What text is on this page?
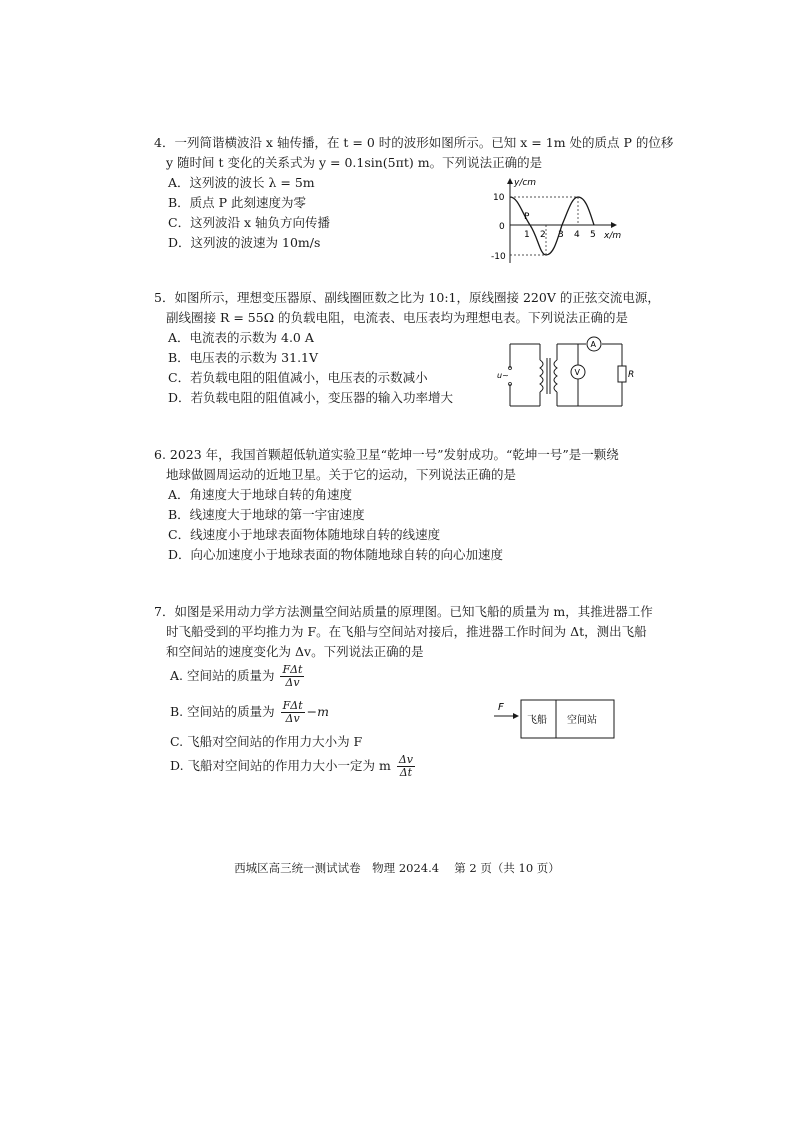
4．一列简谐横波沿 x 轴传播，在 t = 0 时的波形如图所示。已知 x = 1m 处的质点 P 的位移
y 随时间 t 变化的关系式为 y = 0.1sin(5πt) m。下列说法正确的是
A．这列波的波长 λ = 5m
B．质点 P 此刻速度为零
C．这列波沿 x 轴负方向传播
D．这列波的波速为 10m/s
y/cm
x/m
10
0
-10
1 2 3 4 5
P
5．如图所示，理想变压器原、副线圈匝数之比为 10:1，原线圈接 220V 的正弦交流电源，
副线圈接 R = 55Ω 的负载电阻，电流表、电压表均为理想电表。下列说法正确的是
A．电流表的示数为 4.0 A
B．电压表的示数为 31.1V
C．若负载电阻的阻值减小，电压表的示数减小
D．若负载电阻的阻值减小，变压器的输入功率增大
u~
A
V	R
6. 2023 年，我国首颗超低轨道实验卫星“乾坤一号”发射成功。“乾坤一号”是一颗绕
地球做圆周运动的近地卫星。关于它的运动，下列说法正确的是
A．角速度大于地球自转的角速度
B．线速度大于地球的第一宇宙速度
C．线速度小于地球表面物体随地球自转的线速度
D．向心加速度小于地球表面的物体随地球自转的向心加速度
7．如图是采用动力学方法测量空间站质量的原理图。已知飞船的质量为 m，其推进器工作
时飞船受到的平均推力为 F。在飞船与空间站对接后，推进器工作时间为 Δt，测出飞船
和空间站的速度变化为 Δv。下列说法正确的是
A. 空间站的质量为 $\frac{\text{FΔt}}{\Delta v}$
B. 空间站的质量为 $\frac{\text{FΔt}}{\Delta v} -m$
C. 飞船对空间站的作用力大小为 F
D. 飞船对空间站的作用力大小一定为 m $\frac{\Delta v}{\Delta t}$
F
飞船 空间站
西城区高三统一测试试卷　物理 2024.4　 第 2 页（共 10 页）
